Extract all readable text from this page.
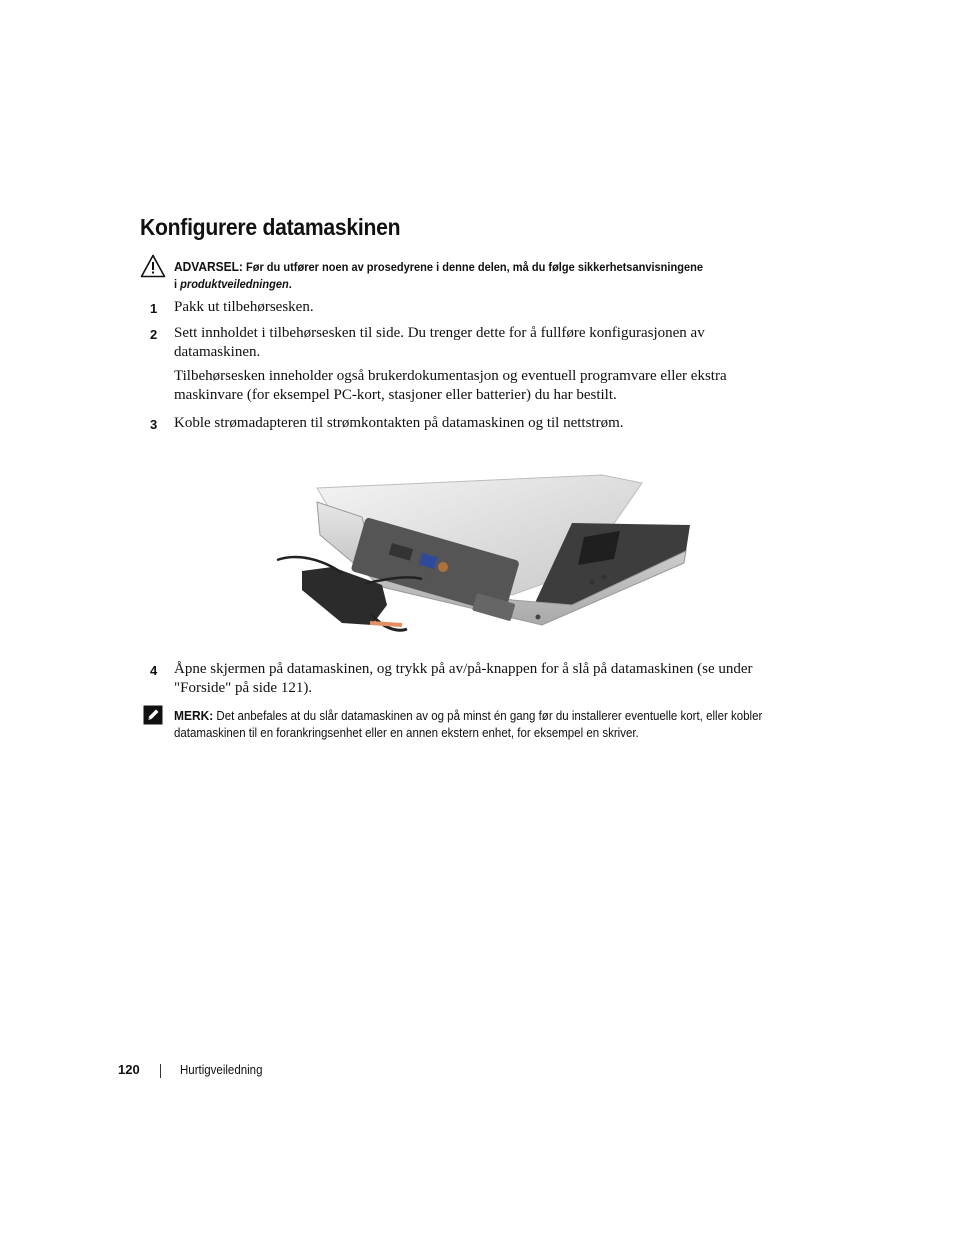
Konfigurere datamaskinen
ADVARSEL: Før du utfører noen av prosedyrene i denne delen, må du følge sikkerhetsanvisningene
i produktveiledningen.
1 Pakk ut tilbehørsesken.
2 Sett innholdet i tilbehørsesken til side. Du trenger dette for å fullføre konfigurasjonen av datamaskinen.
Tilbehørsesken inneholder også brukerdokumentasjon og eventuell programvare eller ekstra maskinvare (for eksempel PC-kort, stasjoner eller batterier) du har bestilt.
3 Koble strømadapteren til strømkontakten på datamaskinen og til nettstrøm.
4 Åpne skjermen på datamaskinen, og trykk på av/på-knappen for å slå på datamaskinen (se under "Forside" på side 121).
MERK: Det anbefales at du slår datamaskinen av og på minst én gang før du installerer eventuelle kort, eller kobler datamaskinen til en forankringsenhet eller en annen ekstern enhet, for eksempel en skriver.
120	Hurtigveiledning
